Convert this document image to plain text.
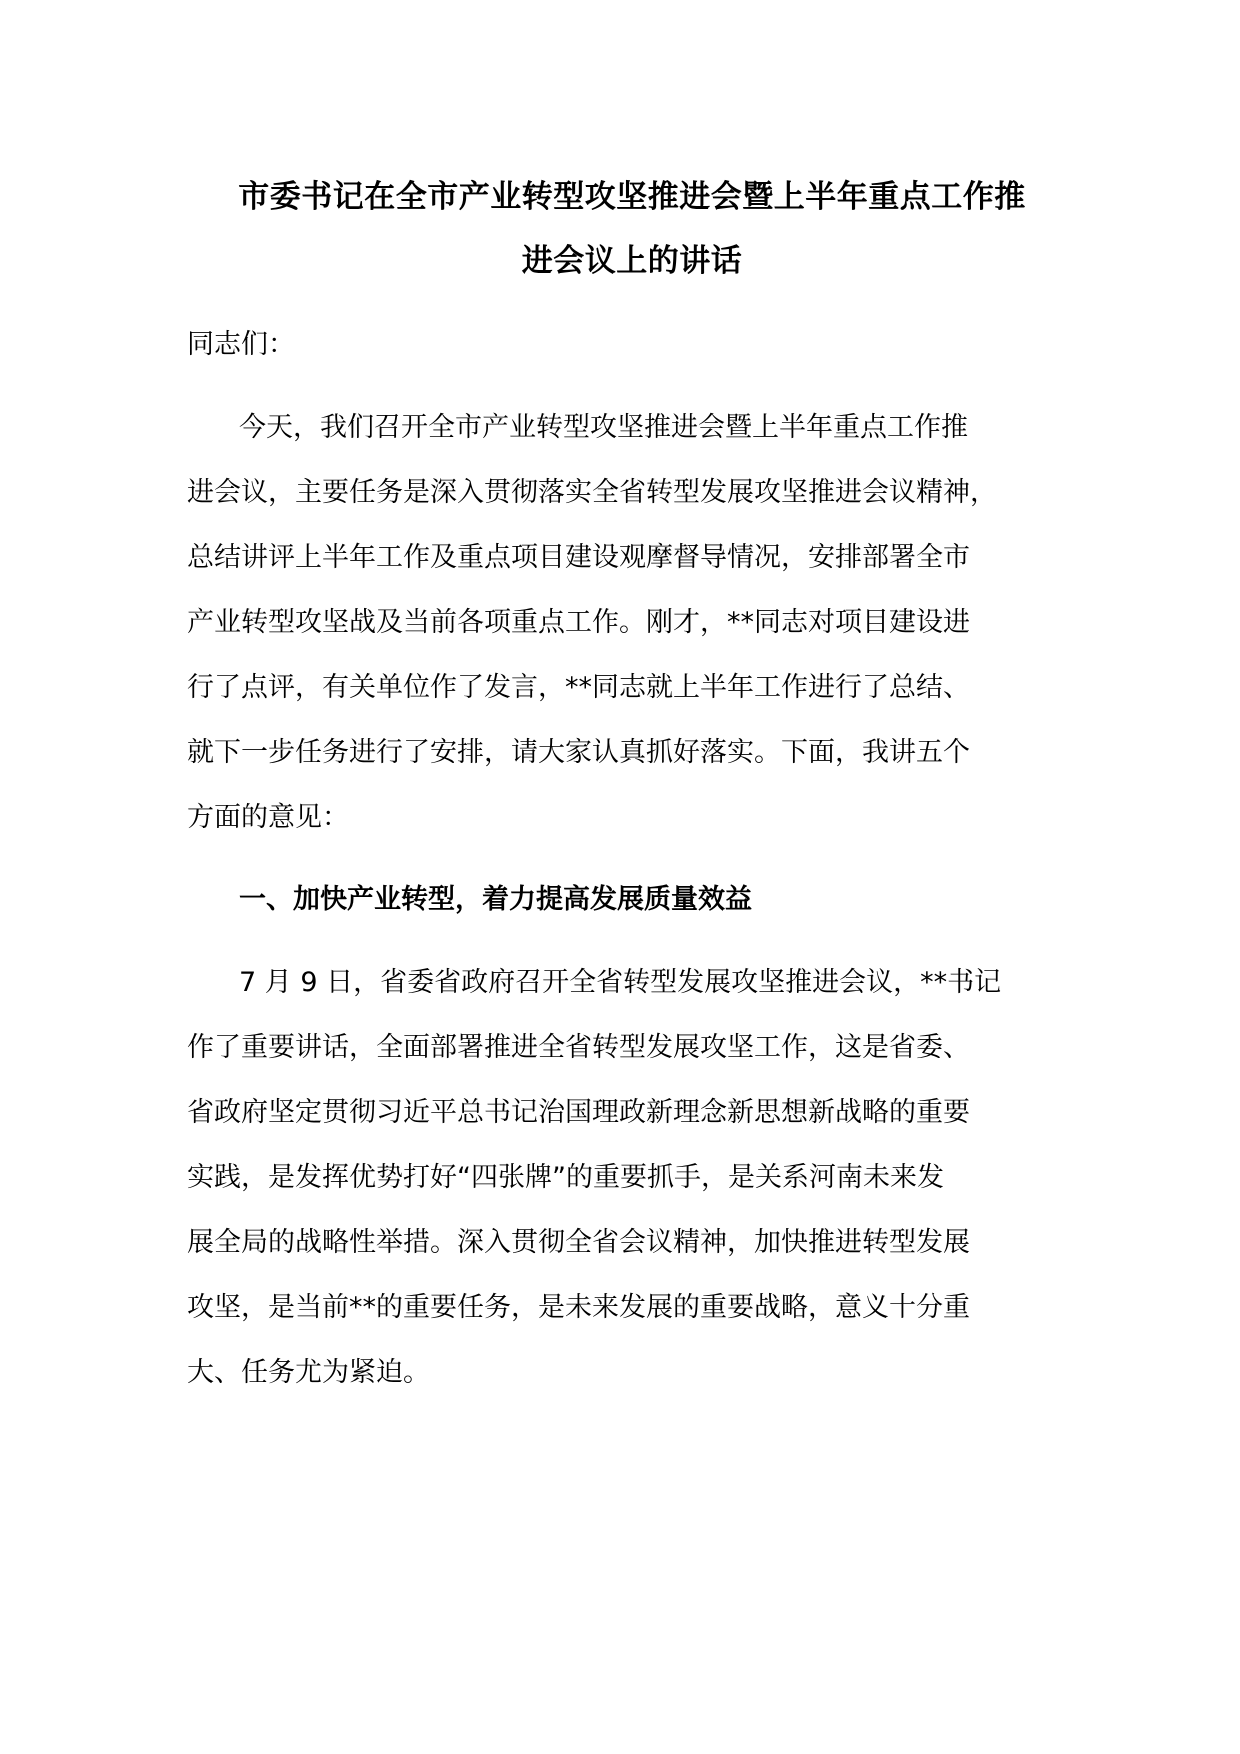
市委书记在全市产业转型攻坚推进会暨上半年重点工作推
进会议上的讲话

同志们：

今天，我们召开全市产业转型攻坚推进会暨上半年重点工作推
进会议，主要任务是深入贯彻落实全省转型发展攻坚推进会议精神，
总结讲评上半年工作及重点项目建设观摩督导情况，安排部署全市
产业转型攻坚战及当前各项重点工作。刚才，**同志对项目建设进
行了点评，有关单位作了发言，**同志就上半年工作进行了总结、
就下一步任务进行了安排，请大家认真抓好落实。下面，我讲五个
方面的意见：

一、加快产业转型，着力提高发展质量效益

7 月 9 日，省委省政府召开全省转型发展攻坚推进会议，**书记
作了重要讲话，全面部署推进全省转型发展攻坚工作，这是省委、
省政府坚定贯彻习近平总书记治国理政新理念新思想新战略的重要
实践，是发挥优势打好“四张牌”的重要抓手，是关系河南未来发
展全局的战略性举措。深入贯彻全省会议精神，加快推进转型发展
攻坚，是当前**的重要任务，是未来发展的重要战略，意义十分重
大、任务尤为紧迫。
